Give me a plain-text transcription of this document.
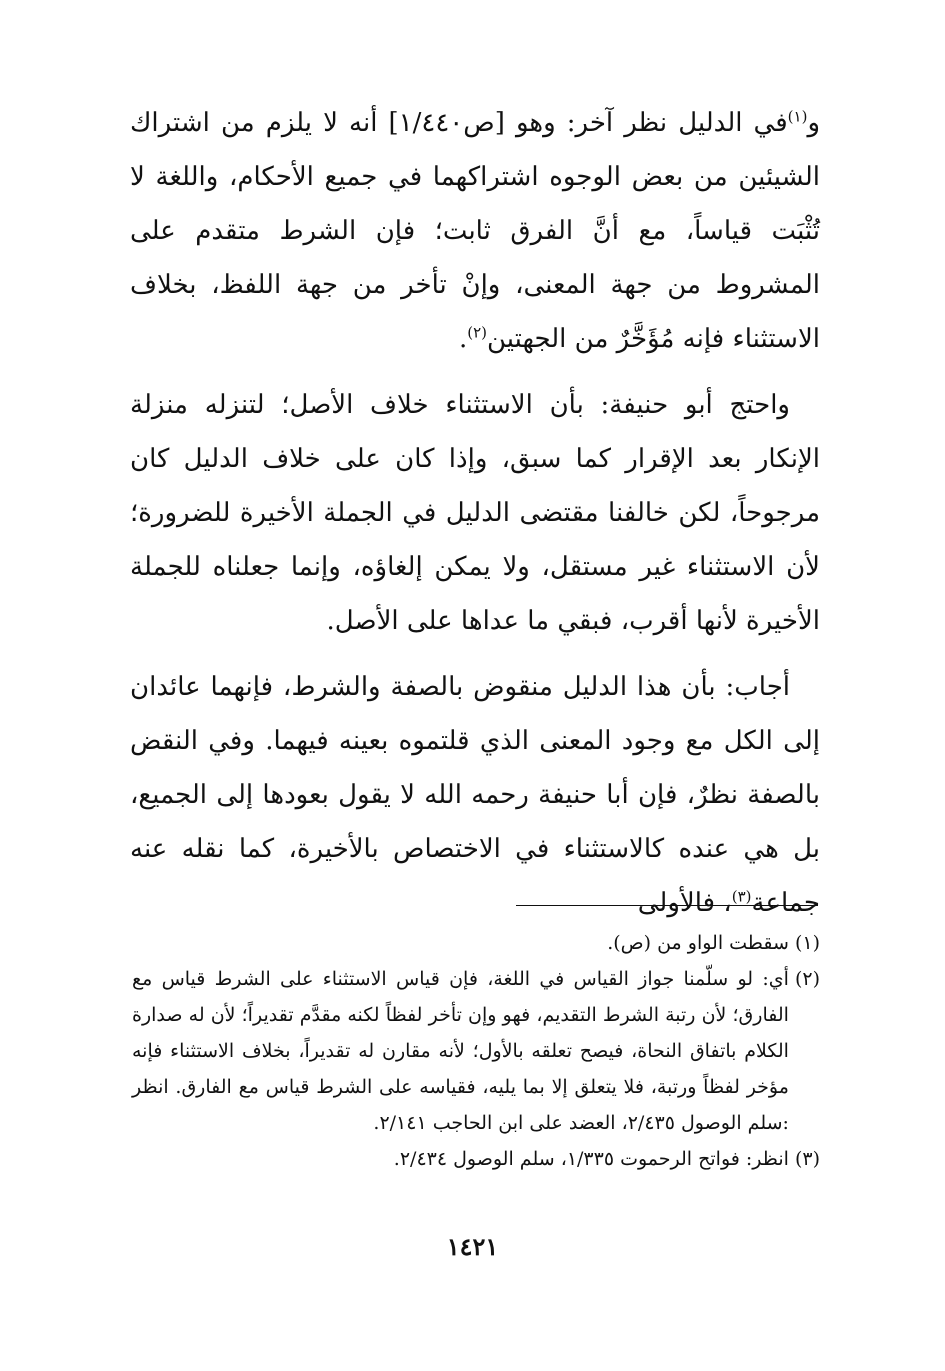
و$^{(١)}$في الدليل نظر آخر: وهو [ص١/٤٤٠] أنه لا يلزم من اشتراك الشيئين من بعض الوجوه اشتراكهما في جميع الأحكام، واللغة لا تُثْبَت قياساً، مع أنَّ الفرق ثابت؛ فإن الشرط متقدم على المشروط من جهة المعنى، وإنْ تأخر من جهة اللفظ، بخلاف الاستثناء فإنه مُؤَخَّرٌ من الجهتين$^{(٢)}$.

واحتج أبو حنيفة: بأن الاستثناء خلاف الأصل؛ لتنزله منزلة الإنكار بعد الإقرار كما سبق، وإذا كان على خلاف الدليل كان مرجوحاً، لكن خالفنا مقتضى الدليل في الجملة الأخيرة للضرورة؛ لأن الاستثناء غير مستقل، ولا يمكن إلغاؤه، وإنما جعلناه للجملة الأخيرة لأنها أقرب، فبقي ما عداها على الأصل.

أجاب: بأن هذا الدليل منقوض بالصفة والشرط، فإنهما عائدان إلى الكل مع وجود المعنى الذي قلتموه بعينه فيهما. وفي النقض بالصفة نظرٌ، فإن أبا حنيفة رحمه الله لا يقول بعودها إلى الجميع، بل هي عنده كالاستثناء في الاختصاص بالأخيرة، كما نقله عنه جماعة$^{(٣)}$، فالأولى

(١)
سقطت الواو من (ص).
(٢)
أي: لو سلّمنا جواز القياس في اللغة، فإن قياس الاستثناء على الشرط قياس مع الفارق؛ لأن رتبة الشرط التقديم، فهو وإن تأخر لفظاً لكنه مقدَّم تقديراً؛ لأن له صدارة الكلام باتفاق النحاة، فيصح تعلقه بالأول؛ لأنه مقارن له تقديراً، بخلاف الاستثناء فإنه مؤخر لفظاً ورتبة، فلا يتعلق إلا بما يليه، فقياسه على الشرط قياس مع الفارق. انظر :سلم الوصول ٢/٤٣٥، العضد على ابن الحاجب ٢/١٤١.
(٣)
انظر: فواتح الرحموت ١/٣٣٥، سلم الوصول ٢/٤٣٤.
١٤٢١
